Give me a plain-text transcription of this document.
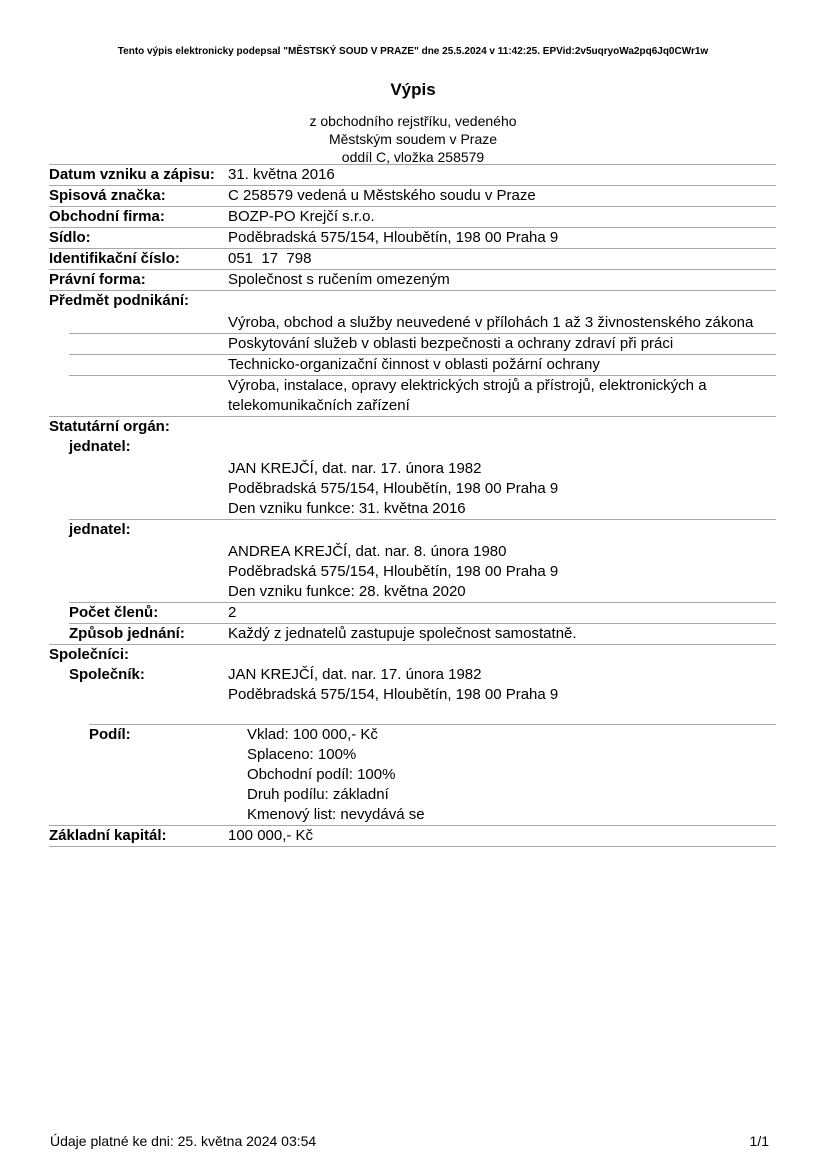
Tento výpis elektronicky podepsal "MĚSTSKÝ SOUD V PRAZE" dne 25.5.2024 v 11:42:25. EPVid:2v5uqryoWa2pq6Jq0CWr1w
Výpis
z obchodního rejstříku, vedeného
Městským soudem v Praze
oddíl C, vložka 258579
Datum vzniku a zápisu: 31. května 2016
Spisová značka:	C 258579 vedená u Městského soudu v Praze
Obchodní firma:	BOZP-PO Krejčí s.r.o.
Sídlo:	Poděbradská 575/154, Hloubětín, 198 00 Praha 9
Identifikační číslo:	051  17  798
Právní forma:	Společnost s ručením omezeným
Předmět podnikání:
Výroba, obchod a služby neuvedené v přílohách 1 až 3 živnostenského zákona
Poskytování služeb v oblasti bezpečnosti a ochrany zdraví při práci
Technicko-organizační činnost v oblasti požární ochrany
Výroba, instalace, opravy elektrických strojů a přístrojů, elektronických a
telekomunikačních zařízení
Statutární orgán:
jednatel:
JAN KREJČÍ, dat. nar. 17. února 1982
Poděbradská 575/154, Hloubětín, 198 00 Praha 9
Den vzniku funkce: 31. května 2016
jednatel:
ANDREA KREJČÍ, dat. nar. 8. února 1980
Poděbradská 575/154, Hloubětín, 198 00 Praha 9
Den vzniku funkce: 28. května 2020
Počet členů:	2
Způsob jednání:	Každý z jednatelů zastupuje společnost samostatně.
Společníci:
Společník:	JAN KREJČÍ, dat. nar. 17. února 1982
Poděbradská 575/154, Hloubětín, 198 00 Praha 9
Podíl:	Vklad: 100 000,- Kč
Splaceno: 100%
Obchodní podíl: 100%
Druh podílu: základní
Kmenový list: nevydává se
Základní kapitál:	100 000,- Kč
Údaje platné ke dni: 25. května 2024 03:54	1/1
